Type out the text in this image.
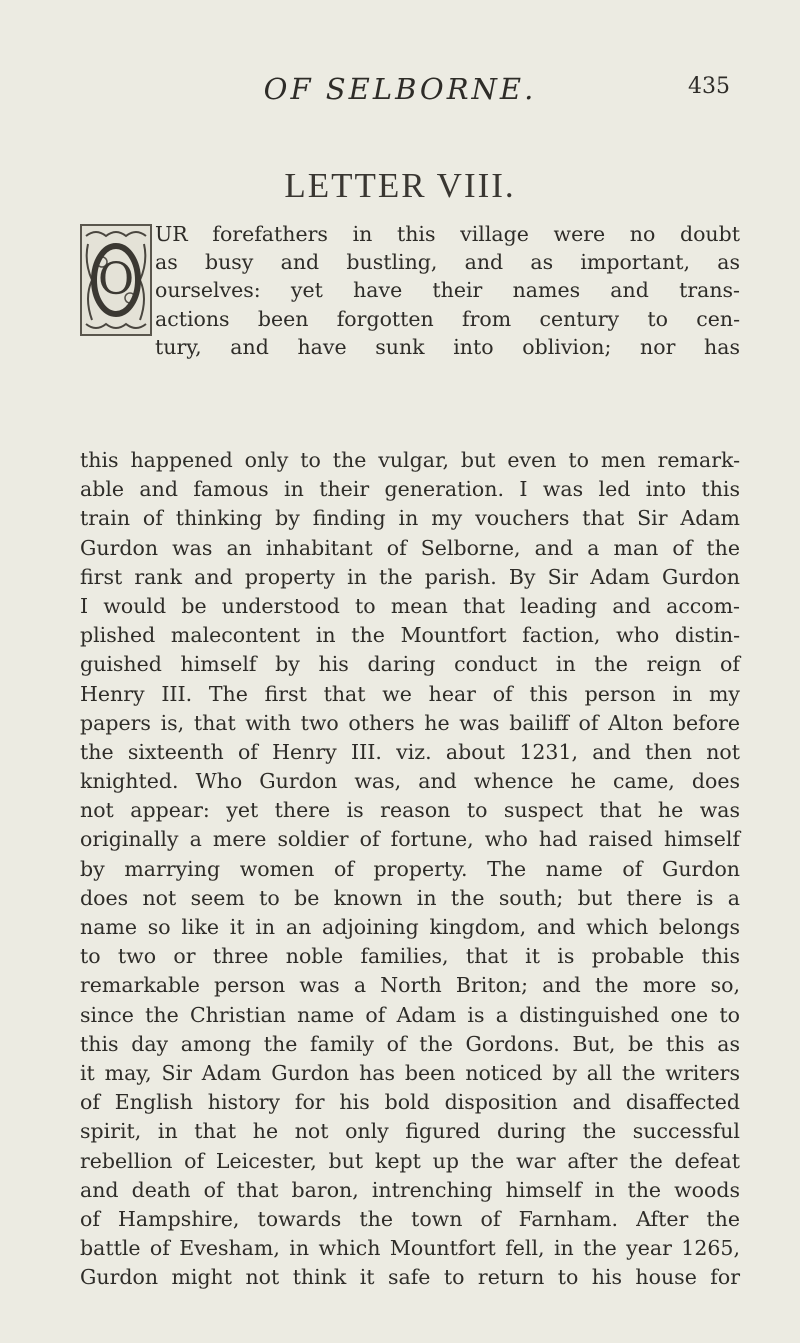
OF SELBORNE.	435
LETTER VIII.
O
UR forefathers in this village were no doubt
as busy and bustling, and as important, as
ourselves: yet have their names and trans-
actions been forgotten from century to cen-
tury, and have sunk into oblivion; nor has
this happened only to the vulgar, but even to men remark-
able and famous in their generation. I was led into this
train of thinking by finding in my vouchers that Sir Adam
Gurdon was an inhabitant of Selborne, and a man of the
first rank and property in the parish. By Sir Adam Gurdon
I would be understood to mean that leading and accom-
plished malecontent in the Mountfort faction, who distin-
guished himself by his daring conduct in the reign of
Henry III. The first that we hear of this person in my
papers is, that with two others he was bailiff of Alton before
the sixteenth of Henry III. viz. about 1231, and then not
knighted. Who Gurdon was, and whence he came, does
not appear: yet there is reason to suspect that he was
originally a mere soldier of fortune, who had raised himself
by marrying women of property. The name of Gurdon
does not seem to be known in the south; but there is a
name so like it in an adjoining kingdom, and which belongs
to two or three noble families, that it is probable this
remarkable person was a North Briton; and the more so,
since the Christian name of Adam is a distinguished one to
this day among the family of the Gordons. But, be this as
it may, Sir Adam Gurdon has been noticed by all the writers
of English history for his bold disposition and disaffected
spirit, in that he not only figured during the successful
rebellion of Leicester, but kept up the war after the defeat
and death of that baron, intrenching himself in the woods
of Hampshire, towards the town of Farnham. After the
battle of Evesham, in which Mountfort fell, in the year 1265,
Gurdon might not think it safe to return to his house for
